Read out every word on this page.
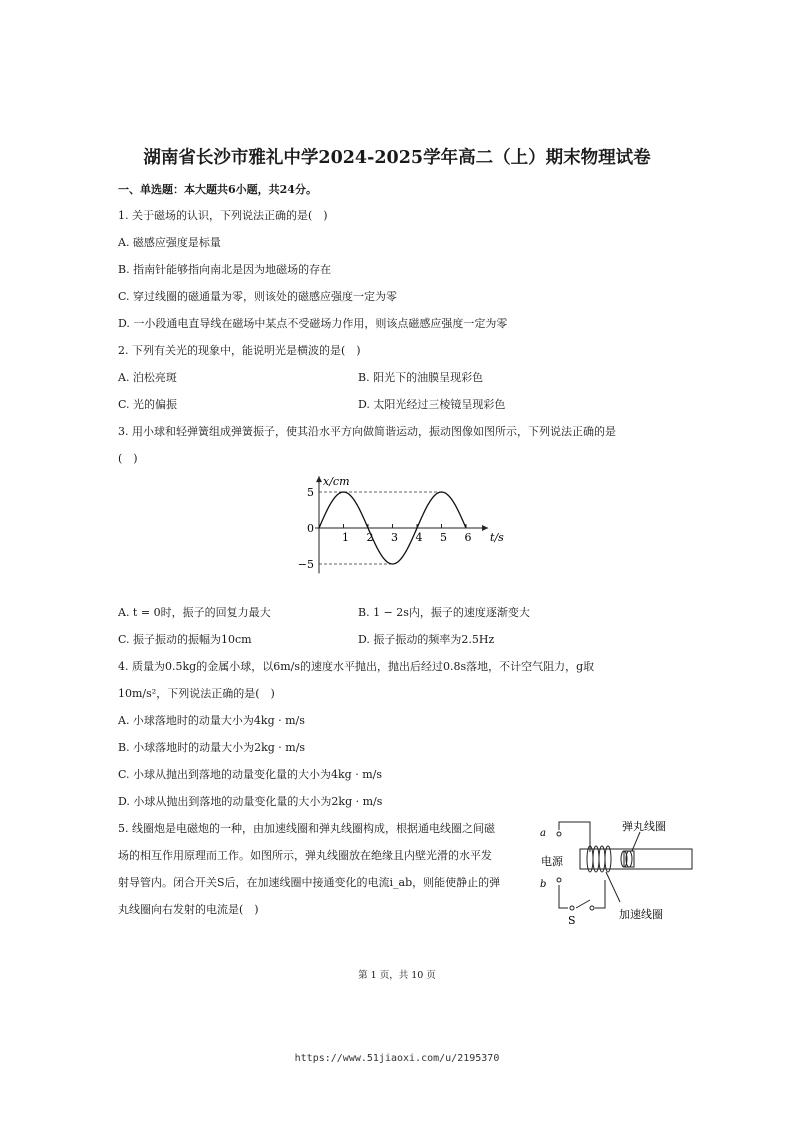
湖南省长沙市雅礼中学2024-2025学年高二（上）期末物理试卷
一、单选题：本大题共6小题，共24分。
1. 关于磁场的认识，下列说法正确的是(　)
A. 磁感应强度是标量
B. 指南针能够指向南北是因为地磁场的存在
C. 穿过线圈的磁通量为零，则该处的磁感应强度一定为零
D. 一小段通电直导线在磁场中某点不受磁场力作用，则该点磁感应强度一定为零
2. 下列有关光的现象中，能说明光是横波的是(　)
A. 泊松亮斑	B. 阳光下的油膜呈现彩色
C. 光的偏振	D. 太阳光经过三棱镜呈现彩色
3. 用小球和轻弹簧组成弹簧振子，使其沿水平方向做简谐运动，振动图像如图所示，下列说法正确的是
(　)
1 2 3 4 5 6
5
0
−5
x/cm
t/s
A. t = 0时，振子的回复力最大	B. 1 − 2s内，振子的速度逐渐变大
C. 振子振动的振幅为10cm	D. 振子振动的频率为2.5Hz
4. 质量为0.5kg的金属小球，以6m/s的速度水平抛出，抛出后经过0.8s落地，不计空气阻力，g取
10m/s²，下列说法正确的是(　)
A. 小球落地时的动量大小为4kg · m/s
B. 小球落地时的动量大小为2kg · m/s
C. 小球从抛出到落地的动量变化量的大小为4kg · m/s
D. 小球从抛出到落地的动量变化量的大小为2kg · m/s
5. 线圈炮是电磁炮的一种，由加速线圈和弹丸线圈构成，根据通电线圈之间磁
场的相互作用原理而工作。如图所示，弹丸线圈放在绝缘且内壁光滑的水平发
射导管内。闭合开关S后，在加速线圈中接通变化的电流i_ab，则能使静止的弹
丸线圈向右发射的电流是(　)
弹丸线圈
加速线圈
电源
a
b
S
第 1 页，共 10 页
https://www.51jiaoxi.com/u/2195370
